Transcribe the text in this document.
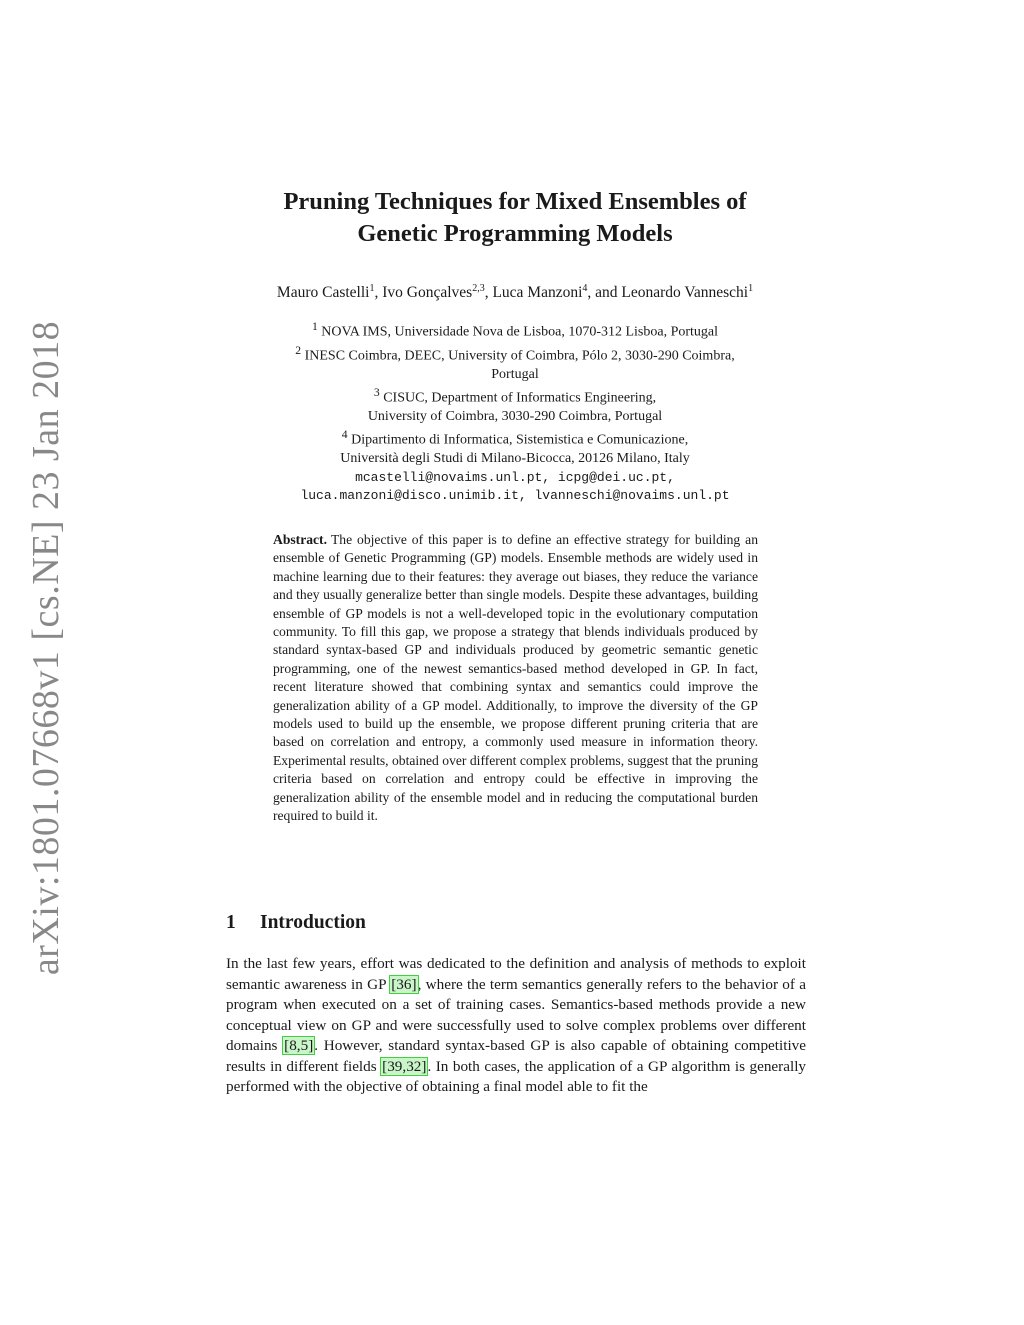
arXiv:1801.07668v1 [cs.NE] 23 Jan 2018
Pruning Techniques for Mixed Ensembles of
Genetic Programming Models
Mauro Castelli$^1$, Ivo Gonçalves$^{2,3}$, Luca Manzoni$^4$, and Leonardo Vanneschi$^1$
$^1$ NOVA IMS, Universidade Nova de Lisboa, 1070-312 Lisboa, Portugal
$^2$ INESC Coimbra, DEEC, University of Coimbra, Pólo 2, 3030-290 Coimbra,
Portugal
$^3$ CISUC, Department of Informatics Engineering,
University of Coimbra, 3030-290 Coimbra, Portugal
$^4$ Dipartimento di Informatica, Sistemistica e Comunicazione,
Università degli Studi di Milano-Bicocca, 20126 Milano, Italy
mcastelli@novaims.unl.pt, icpg@dei.uc.pt,
luca.manzoni@disco.unimib.it, lvanneschi@novaims.unl.pt
Abstract. The objective of this paper is to define an effective strategy for building an ensemble of Genetic Programming (GP) models. Ensemble methods are widely used in machine learning due to their features: they average out biases, they reduce the variance and they usually generalize better than single models. Despite these advantages, building ensemble of GP models is not a well-developed topic in the evolutionary computation community. To fill this gap, we propose a strategy that blends individuals produced by standard syntax-based GP and individuals produced by geometric semantic genetic programming, one of the newest semantics-based method developed in GP. In fact, recent literature showed that combining syntax and semantics could improve the generalization ability of a GP model. Additionally, to improve the diversity of the GP models used to build up the ensemble, we propose different pruning criteria that are based on correlation and entropy, a commonly used measure in information theory. Experimental results, obtained over different complex problems, suggest that the pruning criteria based on correlation and entropy could be effective in improving the generalization ability of the ensemble model and in reducing the computational burden required to build it.
1 Introduction
In the last few years, effort was dedicated to the definition and analysis of methods to exploit semantic awareness in GP [36], where the term semantics generally refers to the behavior of a program when executed on a set of training cases. Semantics-based methods provide a new conceptual view on GP and were successfully used to solve complex problems over different domains [8,5]. However, standard syntax-based GP is also capable of obtaining competitive results in different fields [39,32]. In both cases, the application of a GP algorithm is generally performed with the objective of obtaining a final model able to fit the
